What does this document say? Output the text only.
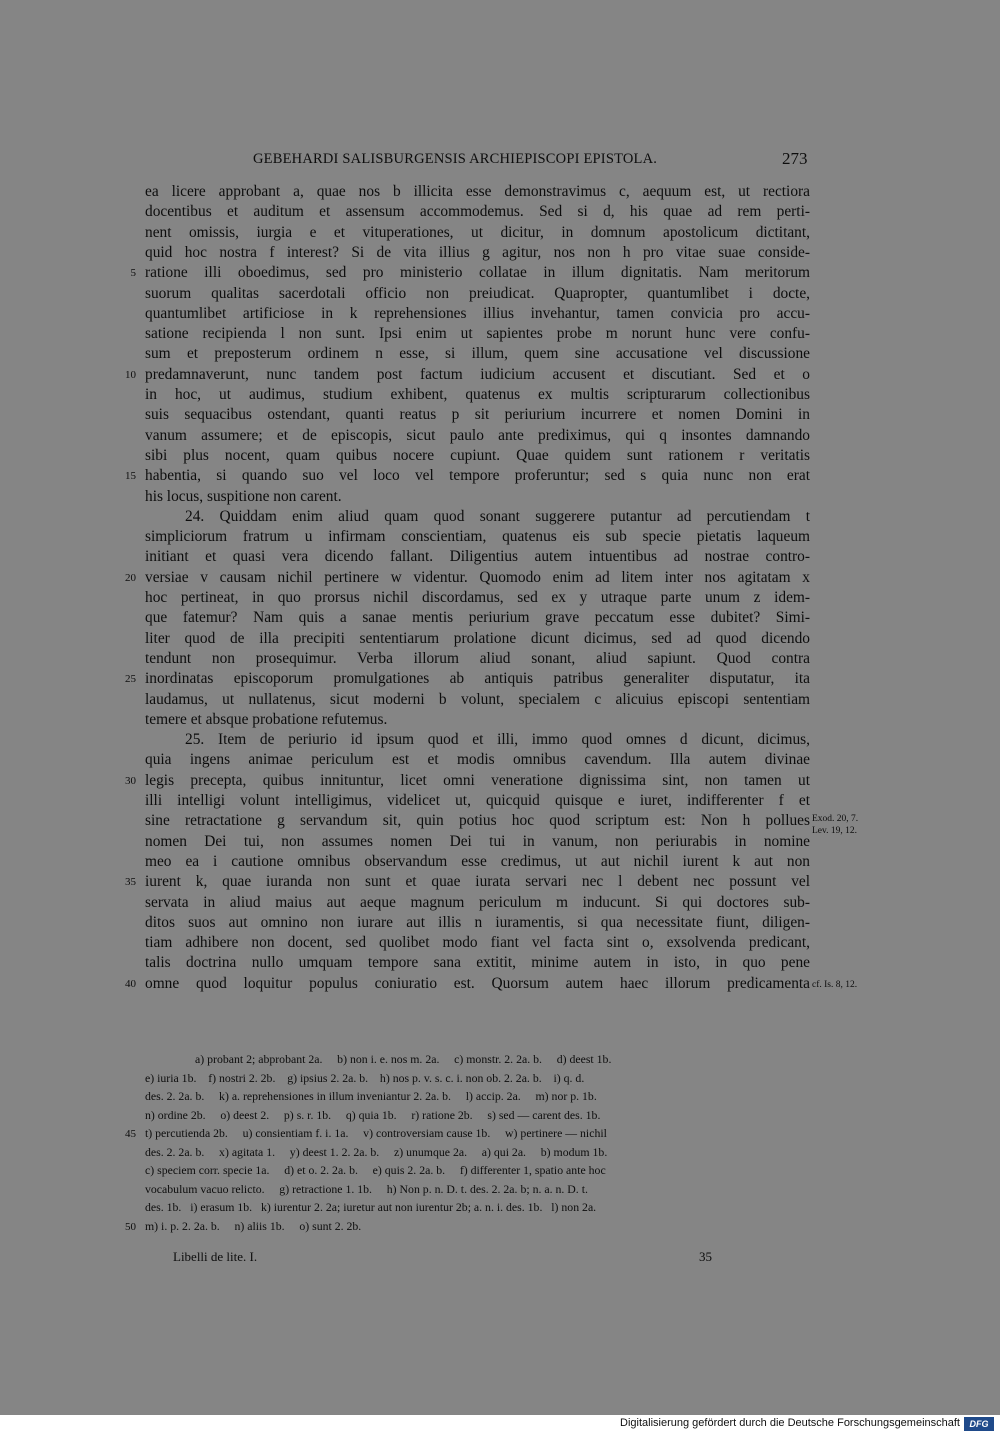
GEBEHARDI SALISBURGENSIS ARCHIEPISCOPI EPISTOLA.	273
ea licere approbant a, quae nos b illicita esse demonstravimus c, aequum est, ut rectiora
docentibus et auditum et assensum accommodemus. Sed si d, his quae ad rem perti-
nent omissis, iurgia e et vituperationes, ut dicitur, in domnum apostolicum dictitant,
quid hoc nostra f interest? Si de vita illius g agitur, nos non h pro vitae suae conside-
ratione illi oboedimus, sed pro ministerio collatae in illum dignitatis. Nam meritorum
suorum qualitas sacerdotali officio non preiudicat. Quapropter, quantumlibet i docte,
quantumlibet artificiose in k reprehensiones illius invehantur, tamen convicia pro accu-
satione recipienda l non sunt. Ipsi enim ut sapientes probe m norunt hunc vere confu-
sum et preposterum ordinem n esse, si illum, quem sine accusatione vel discussione
predamnaverunt, nunc tandem post factum iudicium accusent et discutiant. Sed et o
in hoc, ut audimus, studium exhibent, quatenus ex multis scripturarum collectionibus
suis sequacibus ostendant, quanti reatus p sit periurium incurrere et nomen Domini in
vanum assumere; et de episcopis, sicut paulo ante prediximus, qui q insontes damnando
sibi plus nocent, quam quibus nocere cupiunt. Quae quidem sunt rationem r veritatis
habentia, si quando suo vel loco vel tempore proferuntur; sed s quia nunc non erat
his locus, suspitione non carent.
24. Quiddam enim aliud quam quod sonant suggerere putantur ad percutiendam t
simpliciorum fratrum u infirmam conscientiam, quatenus eis sub specie pietatis laqueum
initiant et quasi vera dicendo fallant. Diligentius autem intuentibus ad nostrae contro-
versiae v causam nichil pertinere w videntur. Quomodo enim ad litem inter nos agitatam x
hoc pertineat, in quo prorsus nichil discordamus, sed ex y utraque parte unum z idem-
que fatemur? Nam quis a sanae mentis periurium grave peccatum esse dubitet? Simi-
liter quod de illa precipiti sententiarum prolatione dicunt dicimus, sed ad quod dicendo
tendunt non prosequimur. Verba illorum aliud sonant, aliud sapiunt. Quod contra
inordinatas episcoporum promulgationes ab antiquis patribus generaliter disputatur, ita
laudamus, ut nullatenus, sicut moderni b volunt, specialem c alicuius episcopi sententiam
temere et absque probatione refutemus.
25. Item de periurio id ipsum quod et illi, immo quod omnes d dicunt, dicimus,
quia ingens animae periculum est et modis omnibus cavendum. Illa autem divinae
legis precepta, quibus innituntur, licet omni veneratione dignissima sint, non tamen ut
illi intelligi volunt intelligimus, videlicet ut, quicquid quisque e iuret, indifferenter f et
sine retractatione g servandum sit, quin potius hoc quod scriptum est: Non h pollues
nomen Dei tui, non assumes nomen Dei tui in vanum, non periurabis in nomine
meo ea i cautione omnibus observandum esse credimus, ut aut nichil iurent k aut non
iurent k, quae iuranda non sunt et quae iurata servari nec l debent nec possunt vel
servata in aliud maius aut aeque magnum periculum m inducunt. Si qui doctores sub-
ditos suos aut omnino non iurare aut illis n iuramentis, si qua necessitate fiunt, diligen-
tiam adhibere non docent, sed quolibet modo fiant vel facta sint o, exsolvenda predicant,
talis doctrina nullo umquam tempore sana extitit, minime autem in isto, in quo pene
omne quod loquitur populus coniuratio est. Quorsum autem haec illorum predicamenta
5
10
15
20
25
30
35
40
45
50
Exod. 20, 7.
Lev. 19, 12.
cf. Is. 8, 12.
a) probant 2; abprobant 2a.     b) non i. e. nos m. 2a.     c) monstr. 2. 2a. b.     d) deest 1b.
e) iuria 1b.    f) nostri 2. 2b.    g) ipsius 2. 2a. b.    h) nos p. v. s. c. i. non ob. 2. 2a. b.    i) q. d.
des. 2. 2a. b.     k) a. reprehensiones in illum inveniantur 2. 2a. b.     l) accip. 2a.     m) nor p. 1b.
n) ordine 2b.     o) deest 2.     p) s. r. 1b.     q) quia 1b.     r) ratione 2b.     s) sed — carent des. 1b.
t) percutienda 2b.     u) consientiam f. i. 1a.     v) controversiam cause 1b.     w) pertinere — nichil
des. 2. 2a. b.     x) agitata 1.     y) deest 1. 2. 2a. b.     z) unumque 2a.     a) qui 2a.     b) modum 1b.
c) speciem corr. specie 1a.     d) et o. 2. 2a. b.     e) quis 2. 2a. b.     f) differenter 1, spatio ante hoc
vocabulum vacuo relicto.     g) retractione 1. 1b.     h) Non p. n. D. t. des. 2. 2a. b; n. a. n. D. t.
des. 1b.   i) erasum 1b.   k) iurentur 2. 2a; iuretur aut non iurentur 2b; a. n. i. des. 1b.   l) non 2a.
m) i. p. 2. 2a. b.     n) aliis 1b.     o) sunt 2. 2b.
Libelli de lite. I.	35
Digitalisierung gefördert durch die Deutsche Forschungsgemeinschaft	DFG
